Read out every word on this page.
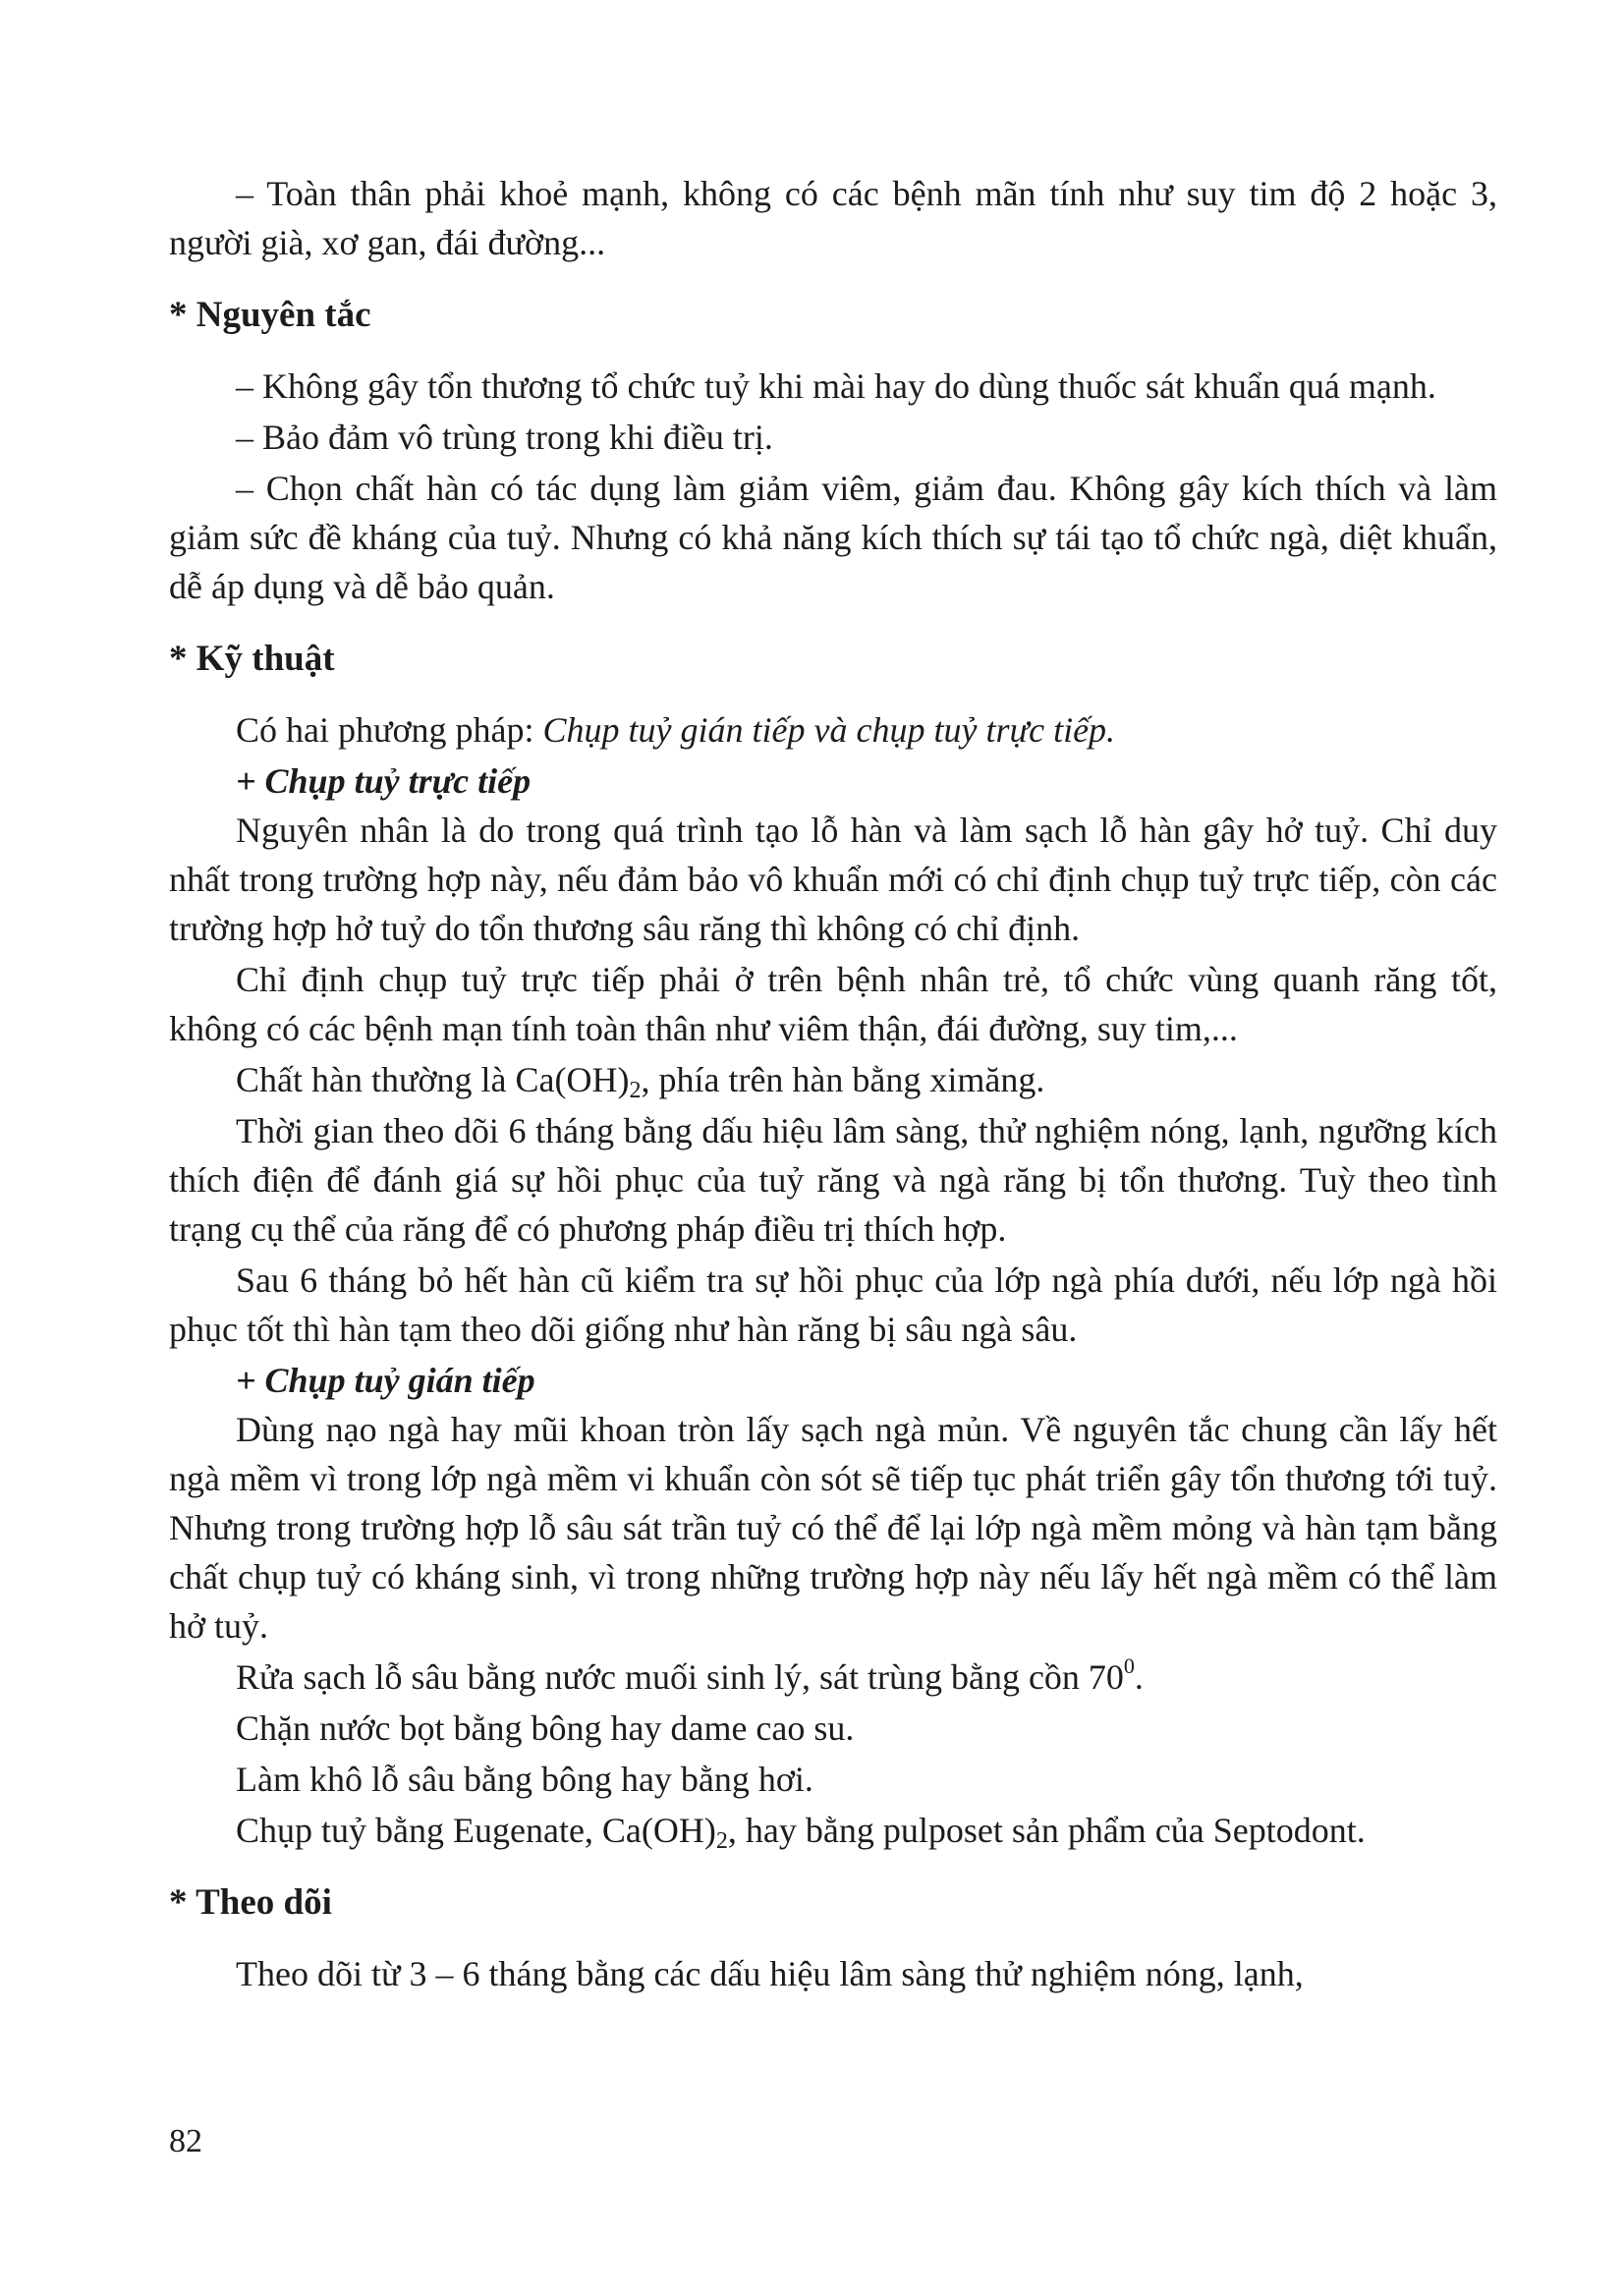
– Toàn thân phải khoẻ mạnh, không có các bệnh mãn tính như suy tim độ 2 hoặc 3, người già, xơ gan, đái đường...

* Nguyên tắc

– Không gây tổn thương tổ chức tuỷ khi mài hay do dùng thuốc sát khuẩn quá mạnh.

– Bảo đảm vô trùng trong khi điều trị.

– Chọn chất hàn có tác dụng làm giảm viêm, giảm đau. Không gây kích thích và làm giảm sức đề kháng của tuỷ. Nhưng có khả năng kích thích sự tái tạo tổ chức ngà, diệt khuẩn, dễ áp dụng và dễ bảo quản.

* Kỹ thuật

Có hai phương pháp: Chụp tuỷ gián tiếp và chụp tuỷ trực tiếp.

+ Chụp tuỷ trực tiếp

Nguyên nhân là do trong quá trình tạo lỗ hàn và làm sạch lỗ hàn gây hở tuỷ. Chỉ duy nhất trong trường hợp này, nếu đảm bảo vô khuẩn mới có chỉ định chụp tuỷ trực tiếp, còn các trường hợp hở tuỷ do tổn thương sâu răng thì không có chỉ định.

Chỉ định chụp tuỷ trực tiếp phải ở trên bệnh nhân trẻ, tổ chức vùng quanh răng tốt, không có các bệnh mạn tính toàn thân như viêm thận, đái đường, suy tim,...

Chất hàn thường là $Ca(OH)_2$, phía trên hàn bằng ximăng.

Thời gian theo dõi 6 tháng bằng dấu hiệu lâm sàng, thử nghiệm nóng, lạnh, ngưỡng kích thích điện để đánh giá sự hồi phục của tuỷ răng và ngà răng bị tổn thương. Tuỳ theo tình trạng cụ thể của răng để có phương pháp điều trị thích hợp.

Sau 6 tháng bỏ hết hàn cũ kiểm tra sự hồi phục của lớp ngà phía dưới, nếu lớp ngà hồi phục tốt thì hàn tạm theo dõi giống như hàn răng bị sâu ngà sâu.

+ Chụp tuỷ gián tiếp

Dùng nạo ngà hay mũi khoan tròn lấy sạch ngà mủn. Về nguyên tắc chung cần lấy hết ngà mềm vì trong lớp ngà mềm vi khuẩn còn sót sẽ tiếp tục phát triển gây tổn thương tới tuỷ. Nhưng trong trường hợp lỗ sâu sát trần tuỷ có thể để lại lớp ngà mềm mỏng và hàn tạm bằng chất chụp tuỷ có kháng sinh, vì trong những trường hợp này nếu lấy hết ngà mềm có thể làm hở tuỷ.

Rửa sạch lỗ sâu bằng nước muối sinh lý, sát trùng bằng cồn $70^0$.

Chặn nước bọt bằng bông hay dame cao su.

Làm khô lỗ sâu bằng bông hay bằng hơi.

Chụp tuỷ bằng Eugenate, $Ca(OH)_2$, hay bằng pulposet sản phẩm của Septodont.

* Theo dõi

Theo dõi từ 3 – 6 tháng bằng các dấu hiệu lâm sàng thử nghiệm nóng, lạnh,

82
